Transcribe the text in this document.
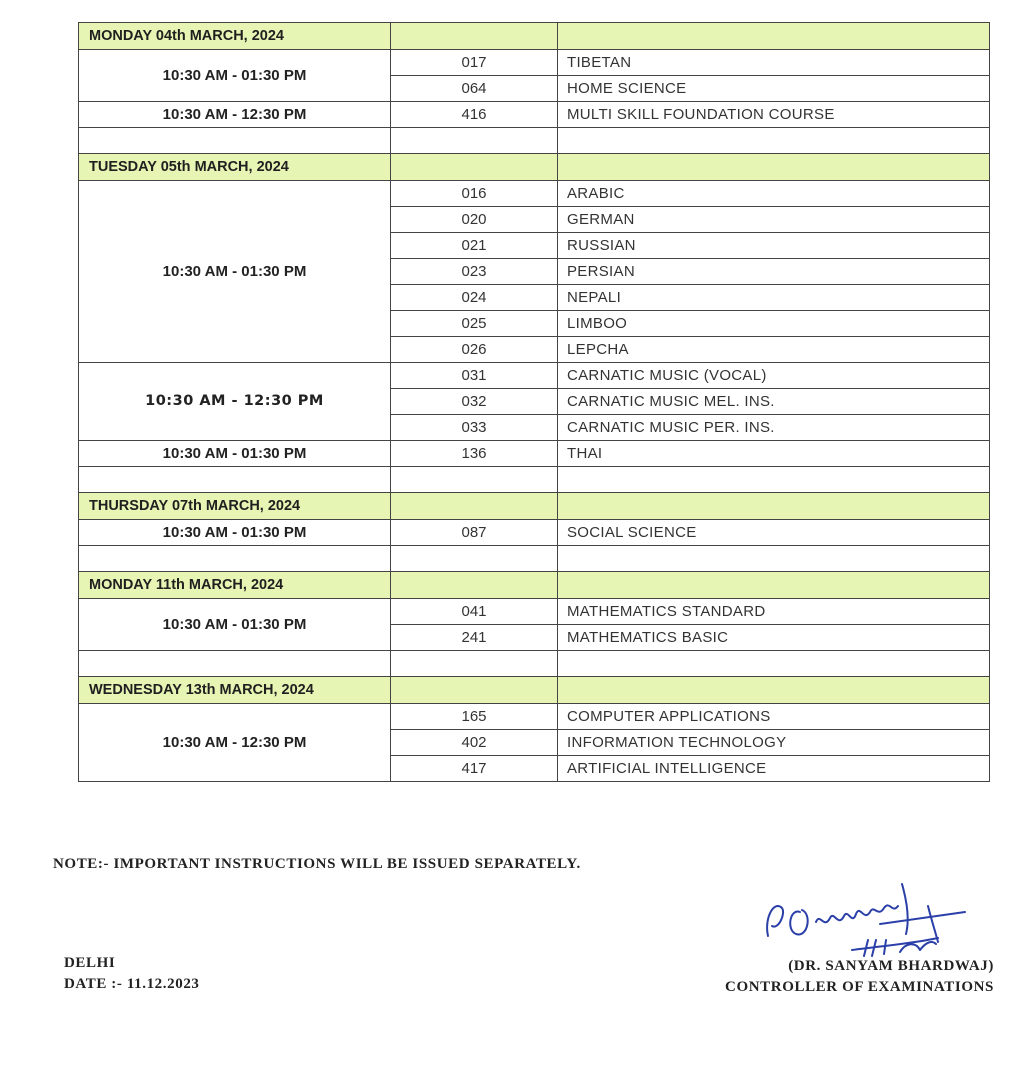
MONDAY 04th MARCH, 2024		
10:30 AM - 01:30 PM	017	TIBETAN
	064	HOME SCIENCE
10:30 AM - 12:30 PM	416	MULTI SKILL FOUNDATION COURSE

TUESDAY 05th MARCH, 2024		
10:30 AM - 01:30 PM	016	ARABIC
	020	GERMAN
	021	RUSSIAN
	023	PERSIAN
	024	NEPALI
	025	LIMBOO
	026	LEPCHA
10:30 AM - 12:30 PM	031	CARNATIC MUSIC (VOCAL)
	032	CARNATIC MUSIC MEL. INS.
	033	CARNATIC MUSIC PER. INS.
10:30 AM - 01:30 PM	136	THAI

THURSDAY 07th MARCH, 2024		
10:30 AM - 01:30 PM	087	SOCIAL SCIENCE

MONDAY 11th MARCH, 2024		
10:30 AM - 01:30 PM	041	MATHEMATICS STANDARD
	241	MATHEMATICS BASIC

WEDNESDAY 13th MARCH, 2024		
10:30 AM - 12:30 PM	165	COMPUTER APPLICATIONS
	402	INFORMATION TECHNOLOGY
	417	ARTIFICIAL INTELLIGENCE
NOTE:- IMPORTANT INSTRUCTIONS WILL BE ISSUED SEPARATELY.
DELHI
DATE :- 11.12.2023
(DR. SANYAM BHARDWAJ)
CONTROLLER OF EXAMINATIONS
